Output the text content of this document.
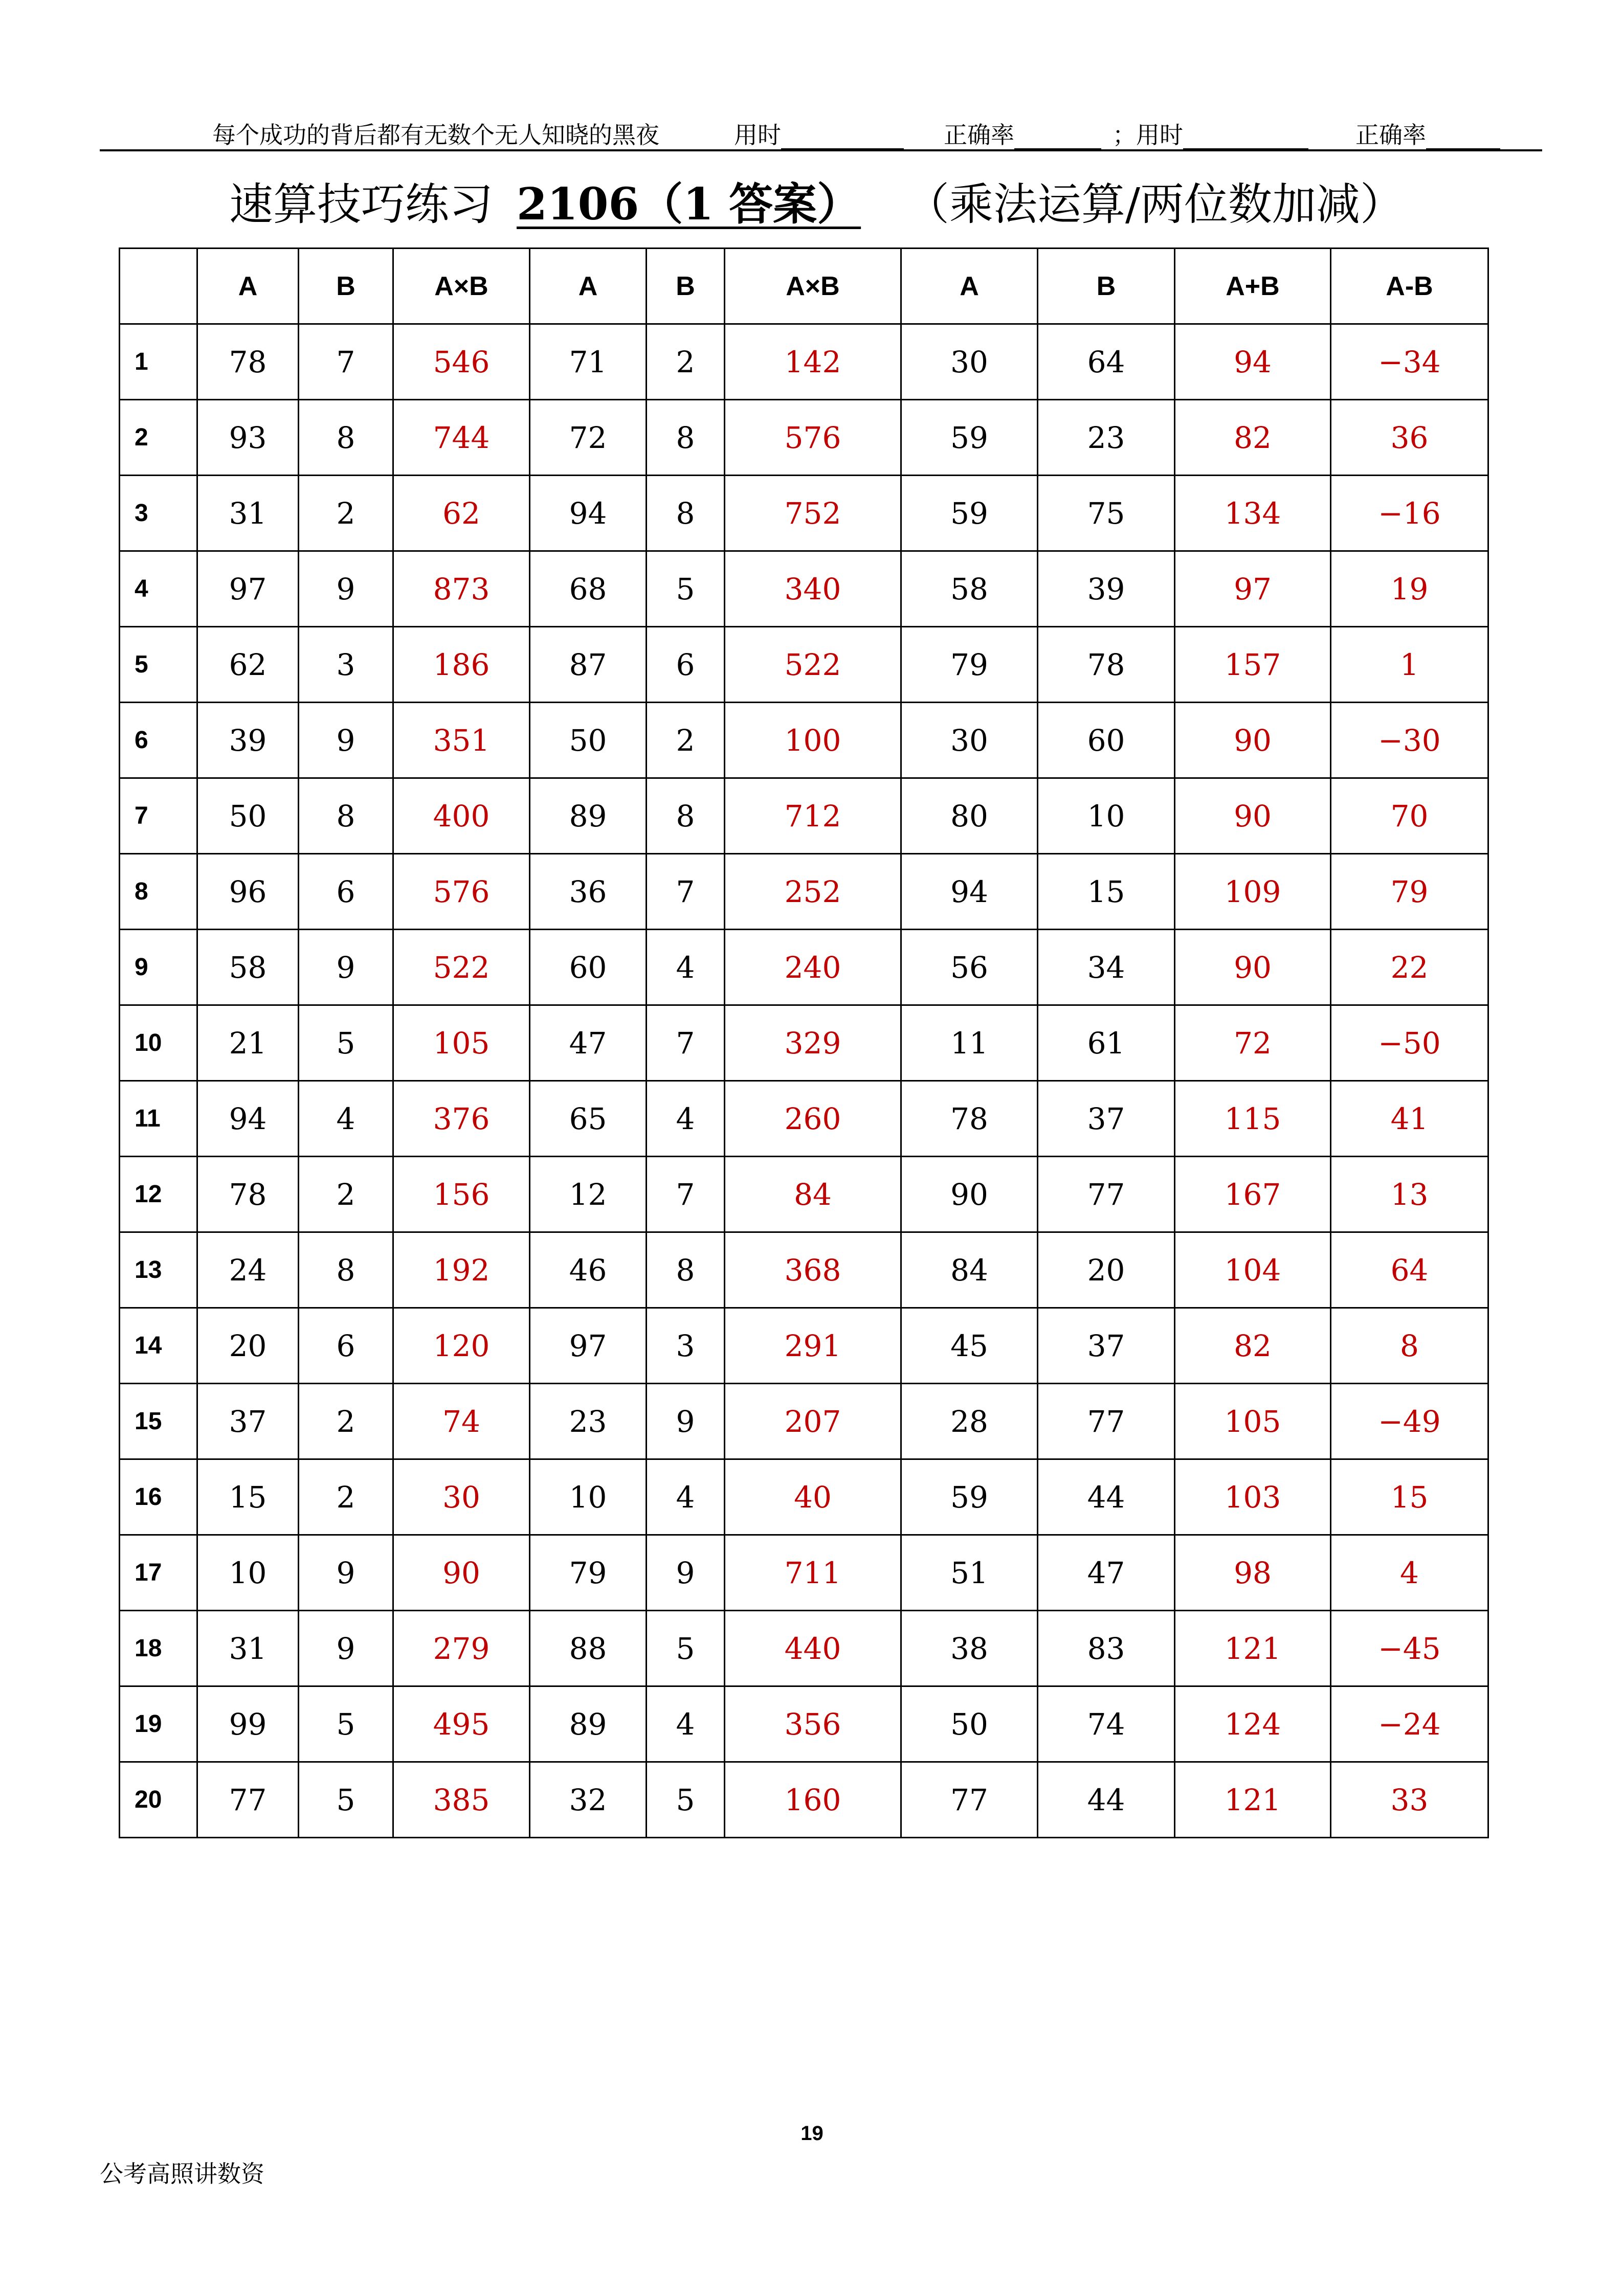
每个成功的背后都有无数个无人知晓的黑夜	用时	正确率	；用时	正确率
速算技巧练习 2106（1 答案）	（乘法运算/两位数加减）
	A	B	A×B	A	B	A×B	A	B	A+B	A-B
1	78	7	546	71	2	142	30	64	94	−34
2	93	8	744	72	8	576	59	23	82	36
3	31	2	62	94	8	752	59	75	134	−16
4	97	9	873	68	5	340	58	39	97	19
5	62	3	186	87	6	522	79	78	157	1
6	39	9	351	50	2	100	30	60	90	−30
7	50	8	400	89	8	712	80	10	90	70
8	96	6	576	36	7	252	94	15	109	79
9	58	9	522	60	4	240	56	34	90	22
10	21	5	105	47	7	329	11	61	72	−50
11	94	4	376	65	4	260	78	37	115	41
12	78	2	156	12	7	84	90	77	167	13
13	24	8	192	46	8	368	84	20	104	64
14	20	6	120	97	3	291	45	37	82	8
15	37	2	74	23	9	207	28	77	105	−49
16	15	2	30	10	4	40	59	44	103	15
17	10	9	90	79	9	711	51	47	98	4
18	31	9	279	88	5	440	38	83	121	−45
19	99	5	495	89	4	356	50	74	124	−24
20	77	5	385	32	5	160	77	44	121	33
19
公考高照讲数资
